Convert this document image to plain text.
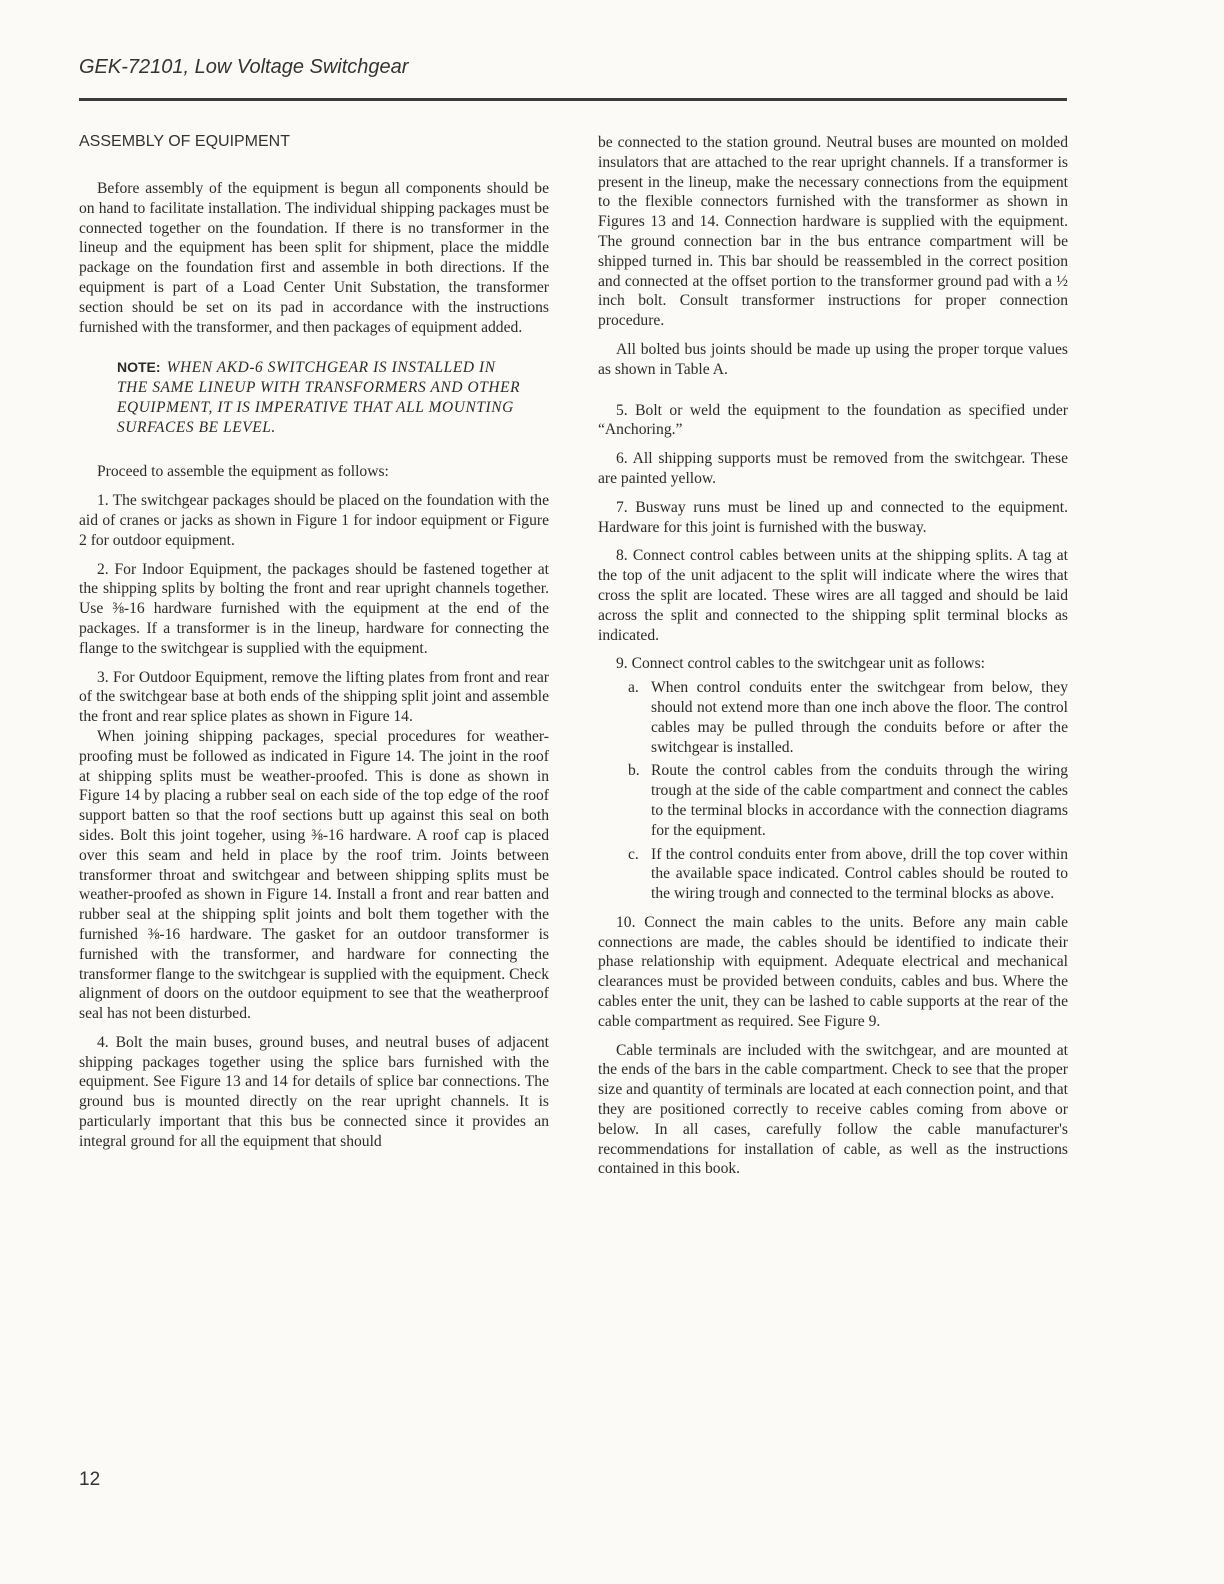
GEK-72101, Low Voltage Switchgear
ASSEMBLY OF EQUIPMENT

Before assembly of the equipment is begun all components should be on hand to facilitate installation. The individual shipping packages must be connected together on the foundation. If there is no transformer in the lineup and the equipment has been split for shipment, place the middle package on the foundation first and assemble in both directions. If the equipment is part of a Load Center Unit Substation, the transformer section should be set on its pad in accordance with the instructions furnished with the transformer, and then packages of equipment added.

NOTE: WHEN AKD-6 SWITCHGEAR IS INSTALLED IN THE SAME LINEUP WITH TRANSFORMERS AND OTHER EQUIPMENT, IT IS IMPERATIVE THAT ALL MOUNTING SURFACES BE LEVEL.

Proceed to assemble the equipment as follows:

1. The switchgear packages should be placed on the foundation with the aid of cranes or jacks as shown in Figure 1 for indoor equipment or Figure 2 for outdoor equipment.

2. For Indoor Equipment, the packages should be fastened together at the shipping splits by bolting the front and rear upright channels together. Use ⅜-16 hardware furnished with the equipment at the end of the packages. If a transformer is in the lineup, hardware for connecting the flange to the switchgear is supplied with the equipment.

3. For Outdoor Equipment, remove the lifting plates from front and rear of the switchgear base at both ends of the shipping split joint and assemble the front and rear splice plates as shown in Figure 14.

When joining shipping packages, special procedures for weather-proofing must be followed as indicated in Figure 14. The joint in the roof at shipping splits must be weather-proofed. This is done as shown in Figure 14 by placing a rubber seal on each side of the top edge of the roof support batten so that the roof sections butt up against this seal on both sides. Bolt this joint togeher, using ⅜-16 hardware. A roof cap is placed over this seam and held in place by the roof trim. Joints between transformer throat and switchgear and between shipping splits must be weather-proofed as shown in Figure 14. Install a front and rear batten and rubber seal at the shipping split joints and bolt them together with the furnished ⅜-16 hardware. The gasket for an outdoor transformer is furnished with the transformer, and hardware for connecting the transformer flange to the switchgear is supplied with the equipment. Check alignment of doors on the outdoor equipment to see that the weatherproof seal has not been disturbed.

4. Bolt the main buses, ground buses, and neutral buses of adjacent shipping packages together using the splice bars furnished with the equipment. See Figure 13 and 14 for details of splice bar connections. The ground bus is mounted directly on the rear upright channels. It is particularly important that this bus be connected since it provides an integral ground for all the equipment that should

be connected to the station ground. Neutral buses are mounted on molded insulators that are attached to the rear upright channels. If a transformer is present in the lineup, make the necessary connections from the equipment to the flexible connectors furnished with the transformer as shown in Figures 13 and 14. Connection hardware is supplied with the equipment. The ground connection bar in the bus entrance compartment will be shipped turned in. This bar should be reassembled in the correct position and connected at the offset portion to the transformer ground pad with a ½ inch bolt. Consult transformer instructions for proper connection procedure.

All bolted bus joints should be made up using the proper torque values as shown in Table A.

5. Bolt or weld the equipment to the foundation as specified under “Anchoring.”

6. All shipping supports must be removed from the switchgear. These are painted yellow.

7. Busway runs must be lined up and connected to the equipment. Hardware for this joint is furnished with the busway.

8. Connect control cables between units at the shipping splits. A tag at the top of the unit adjacent to the split will indicate where the wires that cross the split are located. These wires are all tagged and should be laid across the split and connected to the shipping split terminal blocks as indicated.

9. Connect control cables to the switchgear unit as follows:

a. When control conduits enter the switchgear from below, they should not extend more than one inch above the floor. The control cables may be pulled through the conduits before or after the switchgear is installed.
b. Route the control cables from the conduits through the wiring trough at the side of the cable compartment and connect the cables to the terminal blocks in accordance with the connection diagrams for the equipment.
c. If the control conduits enter from above, drill the top cover within the available space indicated. Control cables should be routed to the wiring trough and connected to the terminal blocks as above.

10. Connect the main cables to the units. Before any main cable connections are made, the cables should be identified to indicate their phase relationship with equipment. Adequate electrical and mechanical clearances must be provided between conduits, cables and bus. Where the cables enter the unit, they can be lashed to cable supports at the rear of the cable compartment as required. See Figure 9.

Cable terminals are included with the switchgear, and are mounted at the ends of the bars in the cable compartment. Check to see that the proper size and quantity of terminals are located at each connection point, and that they are positioned correctly to receive cables coming from above or below. In all cases, carefully follow the cable manufacturer's recommendations for installation of cable, as well as the instructions contained in this book.

12
